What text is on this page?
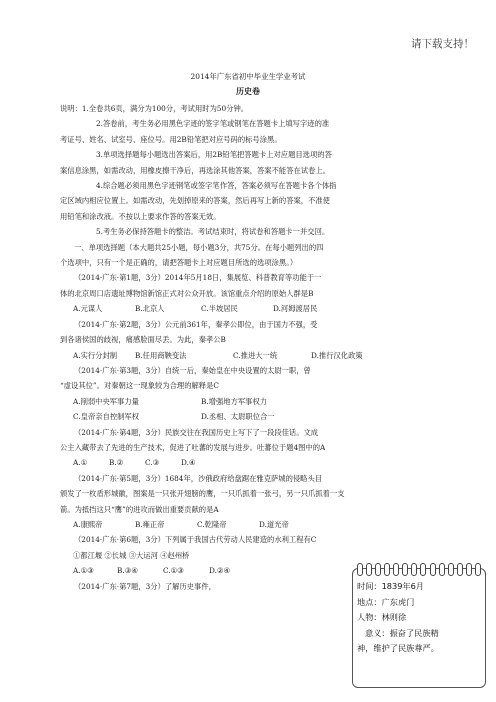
请下载支持！
2014年广东省初中毕业生学业考试
历史卷

说明：1.全卷共6页，满分为100分，考试用时为50分钟。

2.答卷前，考生务必用黑色字迹的签字笔或钢笔在答题卡上填写字迹的准

考证号、姓名、试室号、座位号。用2B铅笔把对应号码的标号涂黑。

3.单项选择题每小题选出答案后，用2B铅笔把答题卡上对应题目选项的答

案信息涂黑，如需改动，用橡皮擦干净后，再选涂其他答案，答案不能答在试卷上。

4.综合题必须用黑色字迹钢笔或签字笔作答，答案必须写在答题卡各个体指

定区域内相应位置上。如需改动，先划掉原来的答案，然后再写上新的答案，不准使

用铅笔和涂改液。不按以上要求作答的答案无效。

5.考生务必保持答题卡的整洁。考试结束时，将试卷和答题卡一并交回。

一、单项选择题（本大题共25小题，每小题3分，共75分。在每小题列出的四

个选项中，只有一个是正确的，请把答题卡上对应题目所选的选项涂黑。）

（2014·广东·第1题，3分）2014年5月18日，集展览、科普教育等功能于一

体的北京周口店遗址博物馆新馆正式对公众开放。该馆重点介绍的原始人群是B

A.元谋人	B.北京人	C.半坡居民	D.河姆渡居民

（2014·广东·第2题，3分）公元前361年，秦孝公即位，由于国力不强，受

到各诸侯国的歧视，痛感脸面尽丢。为此，秦孝公B

A.实行分封制 B.任用商鞅变法	C.推进大一统	D.推行汉化政策

（2014·广东·第3题，3分）自统一后，秦始皇在中央设置的太尉一职，曾

“虚设其位”。对秦朝这一现象较为合理的解释是C

A.削弱中央军事力量	B.增强地方军事权力

C.皇帝亲自控制军权	D.丞相、太尉职位合一

（2014·广东·第4题，3分）民族交往在我国历史上写下了一段段佳话。文成

公主入藏带去了先进的生产技术，促进了吐蕃的发展与进步。吐蕃位于题4图中的A

A.①	B.②	C.③	D.④

（2014·广东·第5题，3分）1684年，沙俄政府给盘踞在雅克萨城的侵略头目

颁发了一枚盾形城徽，图案是一只张开翅膀的鹰，一只爪抓着一张弓，另一只爪抓着一支

箭。为抵挡这只“鹰”的进攻而做出重要贡献的是A

A.康熙帝	B.雍正帝	C.乾隆帝	D.道光帝

（2014·广东·第6题，3分）下列属于我国古代劳动人民建造的水利工程有C

①都江堰 ②长城 ③大运河 ④赵州桥

A.①③	B.③④	C.①③	D.②④

（2014·广东·第7题，3分）了解历史事件，	时间：1839年6月
地点：广东虎门
人物：林则徐
意义：振奋了民族精
神，维护了民族尊严。
